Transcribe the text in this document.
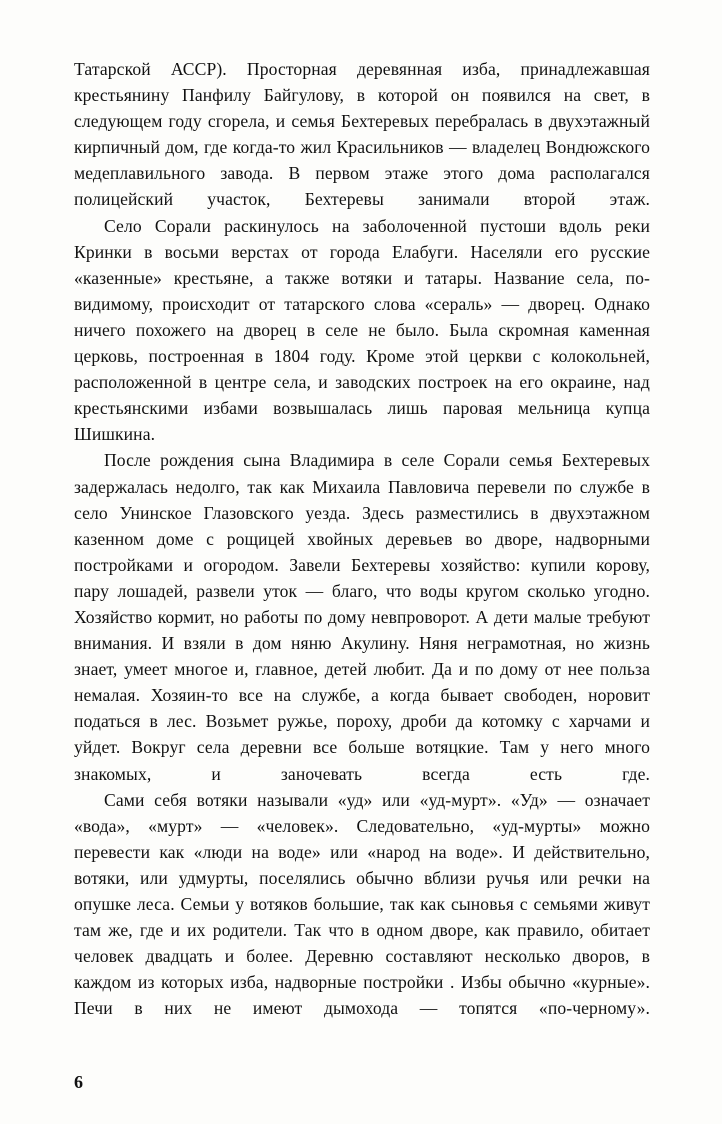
Татарской АССР). Просторная деревянная изба, принадлежавшая крестьянину Панфилу Байгулову, в которой он появился на свет, в следующем году сгорела, и семья Бехтеревых перебралась в двухэтажный кирпичный дом, где когда-то жил Красильников — владелец Вондюжского медеплавильного завода. В первом этаже этого дома располагался полицейский участок, Бехтеревы занимали второй этаж.

Село Сорали раскинулось на заболоченной пустоши вдоль реки Кринки в восьми верстах от города Елабуги. Населяли его русские «казенные» крестьяне, а также вотяки и татары. Название села, по-видимому, происходит от татарского слова «сераль» — дворец. Однако ничего похожего на дворец в селе не было. Была скромная каменная церковь, построенная в 1804 году. Кроме этой церкви с колокольней, расположенной в центре села, и заводских построек на его окраине, над крестьянскими избами возвышалась лишь паровая мельница купца Шишкина.

После рождения сына Владимира в селе Сорали семья Бехтеревых задержалась недолго, так как Михаила Павловича перевели по службе в село Унинское Глазовского уезда. Здесь разместились в двухэтажном казенном доме с рощицей хвойных деревьев во дворе, надворными постройками и огородом. Завели Бехтеревы хозяйство: купили корову, пару лошадей, развели уток — благо, что воды кругом сколько угодно. Хозяйство кормит, но работы по дому невпроворот. А дети малые требуют внимания. И взяли в дом няню Акулину. Няня неграмотная, но жизнь знает, умеет многое и, главное, детей любит. Да и по дому от нее польза немалая. Хозяин-то все на службе, а когда бывает свободен, норовит податься в лес. Возьмет ружье, пороху, дроби да котомку с харчами и уйдет. Вокруг села деревни все больше вотяцкие. Там у него много знакомых, и заночевать всегда есть где.

Сами себя вотяки называли «уд» или «уд-мурт». «Уд» — означает «вода», «мурт» — «человек». Следовательно, «уд-мурты» можно перевести как «люди на воде» или «народ на воде». И действительно, вотяки, или удмурты, поселялись обычно вблизи ручья или речки на опушке леса. Семьи у вотяков большие, так как сыновья с семьями живут там же, где и их родители. Так что в одном дворе, как правило, обитает человек двадцать и более. Деревню составляют несколько дворов, в каждом из которых изба, надворные постройки . Избы обычно «курные». Печи в них не имеют дымохода — топятся «по-черному».

6
